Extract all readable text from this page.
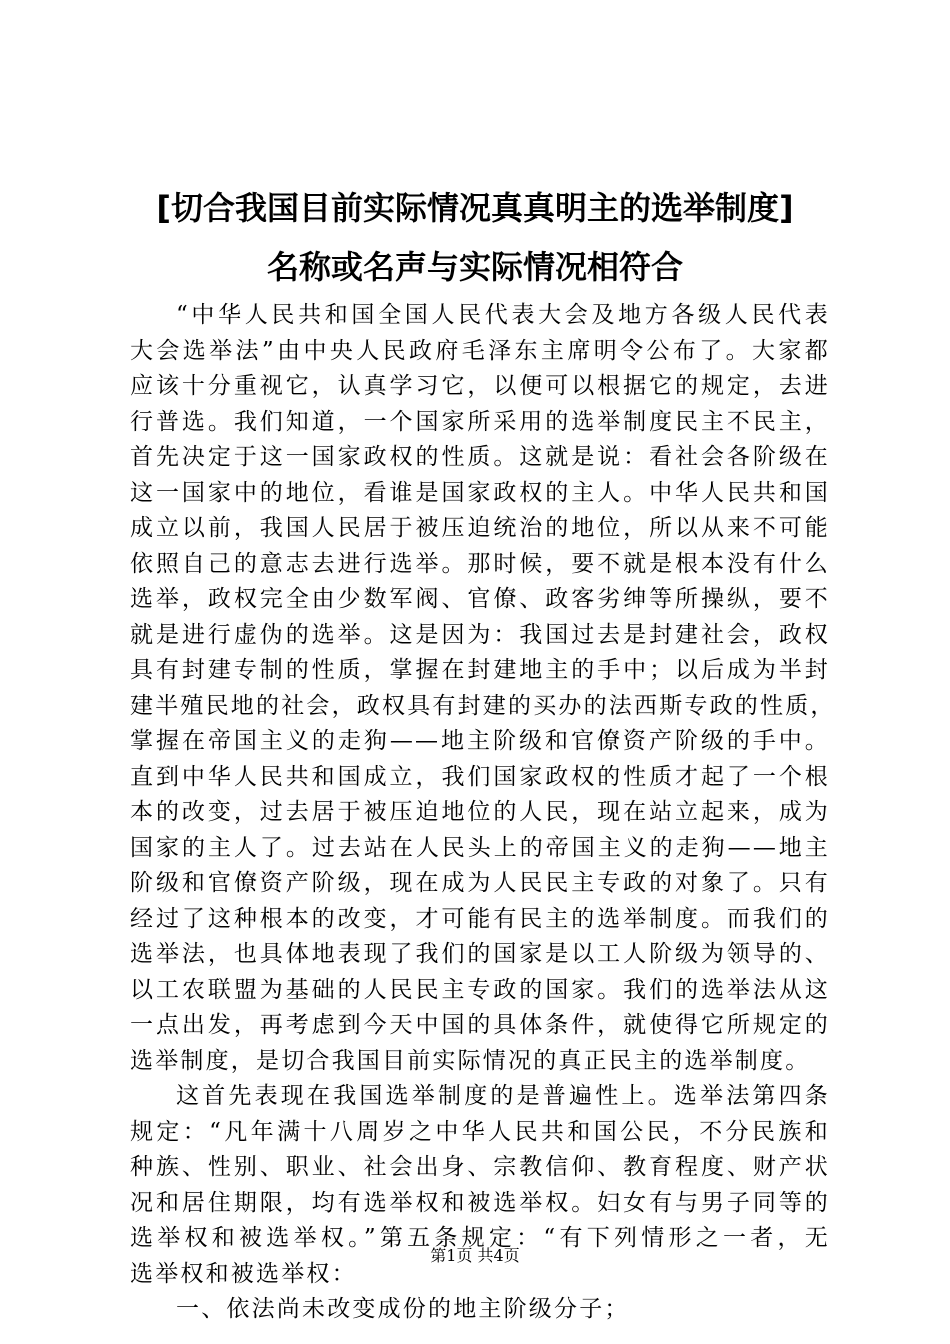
[切合我国目前实际情况真真明主的选举制度]
名称或名声与实际情况相符合
“中华人民共和国全国人民代表大会及地方各级人民代表
大会选举法”由中央人民政府毛泽东主席明令公布了。大家都
应该十分重视它，认真学习它，以便可以根据它的规定，去进
行普选。我们知道，一个国家所采用的选举制度民主不民主，
首先决定于这一国家政权的性质。这就是说：看社会各阶级在
这一国家中的地位，看谁是国家政权的主人。中华人民共和国
成立以前，我国人民居于被压迫统治的地位，所以从来不可能
依照自己的意志去进行选举。那时候，要不就是根本没有什么
选举，政权完全由少数军阀、官僚、政客劣绅等所操纵，要不
就是进行虚伪的选举。这是因为：我国过去是封建社会，政权
具有封建专制的性质，掌握在封建地主的手中；以后成为半封
建半殖民地的社会，政权具有封建的买办的法西斯专政的性质，
掌握在帝国主义的走狗——地主阶级和官僚资产阶级的手中。
直到中华人民共和国成立，我们国家政权的性质才起了一个根
本的改变，过去居于被压迫地位的人民，现在站立起来，成为
国家的主人了。过去站在人民头上的帝国主义的走狗——地主
阶级和官僚资产阶级，现在成为人民民主专政的对象了。只有
经过了这种根本的改变，才可能有民主的选举制度。而我们的
选举法，也具体地表现了我们的国家是以工人阶级为领导的、
以工农联盟为基础的人民民主专政的国家。我们的选举法从这
一点出发，再考虑到今天中国的具体条件，就使得它所规定的
选举制度，是切合我国目前实际情况的真正民主的选举制度。
这首先表现在我国选举制度的是普遍性上。选举法第四条
规定：“凡年满十八周岁之中华人民共和国公民，不分民族和
种族、性别、职业、社会出身、宗教信仰、教育程度、财产状
况和居住期限，均有选举权和被选举权。妇女有与男子同等的
选举权和被选举权。”第五条规定：“有下列情形之一者，无
选举权和被选举权：
一、依法尚未改变成份的地主阶级分子；
第1页 共4页
